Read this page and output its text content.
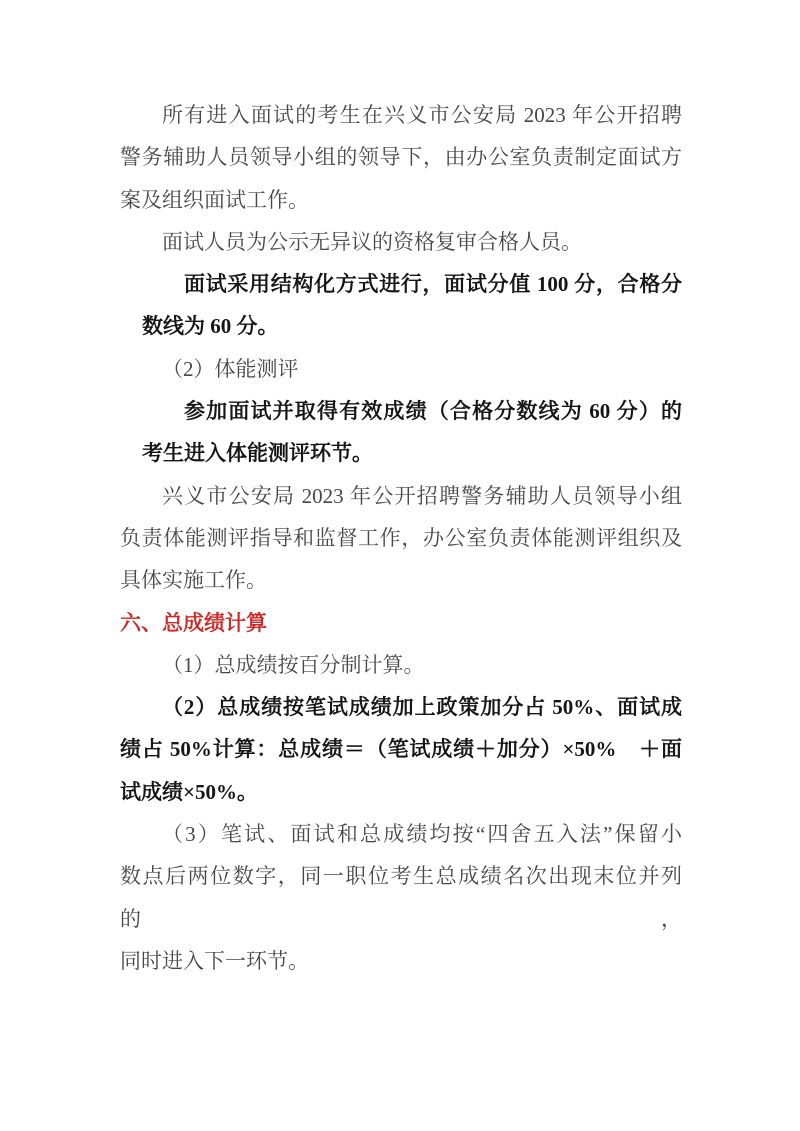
所有进入面试的考生在兴义市公安局 2023 年公开招聘
警务辅助人员领导小组的领导下，由办公室负责制定面试方
案及组织面试工作。
面试人员为公示无异议的资格复审合格人员。
面试采用结构化方式进行，面试分值 100 分，合格分
数线为 60 分。
（2）体能测评
参加面试并取得有效成绩（合格分数线为 60 分）的
考生进入体能测评环节。
兴义市公安局 2023 年公开招聘警务辅助人员领导小组
负责体能测评指导和监督工作，办公室负责体能测评组织及
具体实施工作。
六、总成绩计算
（1）总成绩按百分制计算。
（2）总成绩按笔试成绩加上政策加分占 50%、面试成
绩占 50%计算：总成绩＝（笔试成绩＋加分）×50%　＋面
试成绩×50%。
（3）笔试、面试和总成绩均按“四舍五入法”保留小
数点后两位数字，同一职位考生总成绩名次出现末位并列的，
同时进入下一环节。
